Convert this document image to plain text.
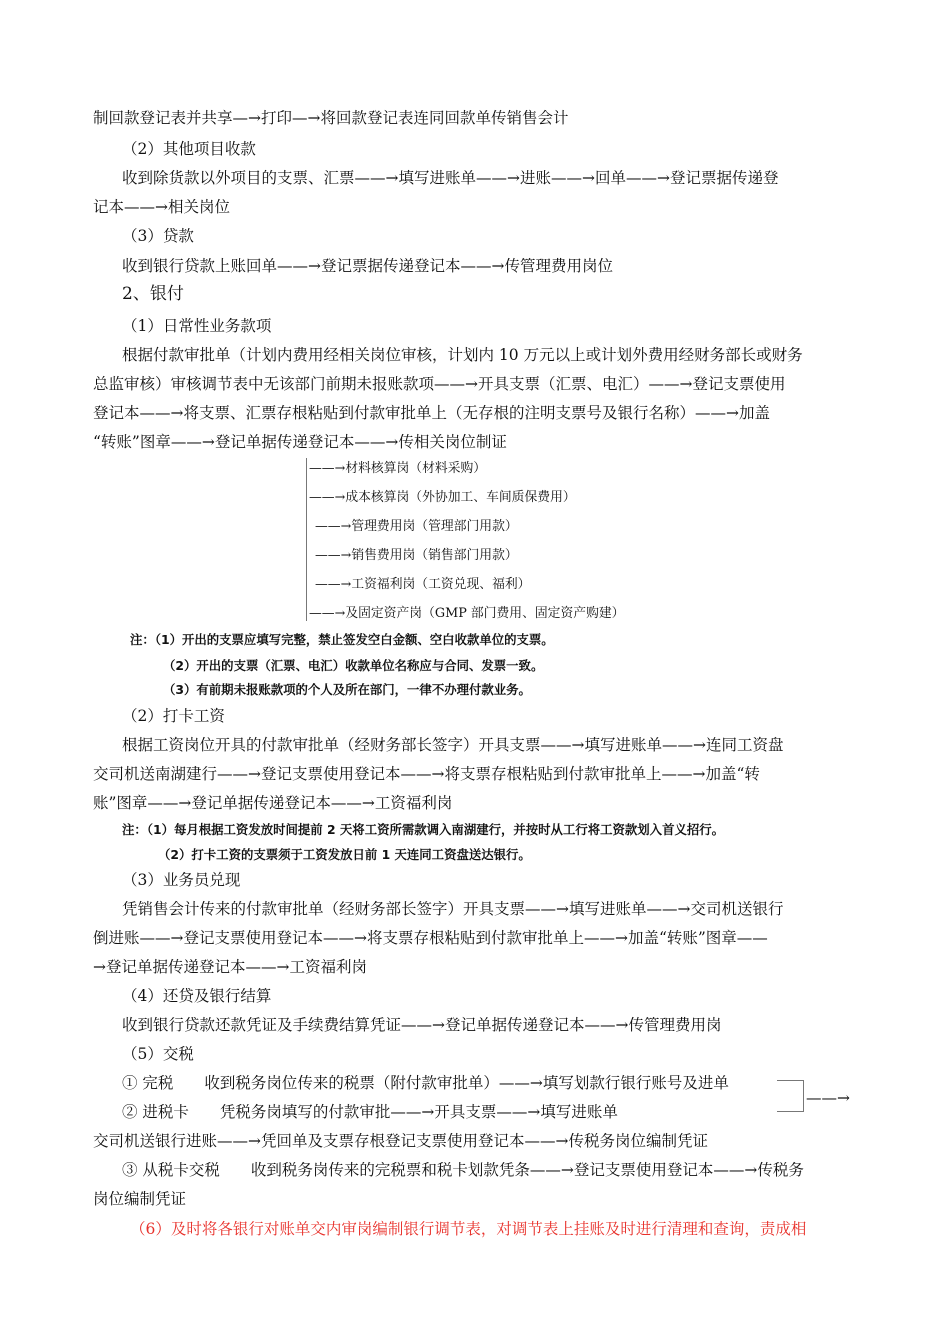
制回款登记表并共享—→打印—→将回款登记表连同回款单传销售会计
（2）其他项目收款
收到除货款以外项目的支票、汇票——→填写进账单——→进账——→回单——→登记票据传递登
记本——→相关岗位
（3）贷款
收到银行贷款上账回单——→登记票据传递登记本——→传管理费用岗位
2、银付
（1）日常性业务款项
根据付款审批单（计划内费用经相关岗位审核，计划内 10 万元以上或计划外费用经财务部长或财务
总监审核）审核调节表中无该部门前期未报账款项——→开具支票（汇票、电汇）——→登记支票使用
登记本——→将支票、汇票存根粘贴到付款审批单上（无存根的注明支票号及银行名称）——→加盖
“转账”图章——→登记单据传递登记本——→传相关岗位制证
——→材料核算岗（材料采购）
——→成本核算岗（外协加工、车间质保费用）
——→管理费用岗（管理部门用款）
——→销售费用岗（销售部门用款）
——→工资福利岗（工资兑现、福利）
——→及固定资产岗（GMP 部门费用、固定资产购建）
注：（1）开出的支票应填写完整，禁止签发空白金额、空白收款单位的支票。
（2）开出的支票（汇票、电汇）收款单位名称应与合同、发票一致。
（3）有前期未报账款项的个人及所在部门，一律不办理付款业务。
（2）打卡工资
根据工资岗位开具的付款审批单（经财务部长签字）开具支票——→填写进账单——→连同工资盘
交司机送南湖建行——→登记支票使用登记本——→将支票存根粘贴到付款审批单上——→加盖“转
账”图章——→登记单据传递登记本——→工资福利岗
注：（1）每月根据工资发放时间提前 2 天将工资所需款调入南湖建行，并按时从工行将工资款划入首义招行。
（2）打卡工资的支票须于工资发放日前 1 天连同工资盘送达银行。
（3）业务员兑现
凭销售会计传来的付款审批单（经财务部长签字）开具支票——→填写进账单——→交司机送银行
倒进账——→登记支票使用登记本——→将支票存根粘贴到付款审批单上——→加盖“转账”图章——
→登记单据传递登记本——→工资福利岗
（4）还贷及银行结算
收到银行贷款还款凭证及手续费结算凭证——→登记单据传递登记本——→传管理费用岗
（5）交税
① 完税　　收到税务岗位传来的税票（附付款审批单）——→填写划款行银行账号及进单
② 进税卡　　凭税务岗填写的付款审批——→开具支票——→填写进账单
——→
交司机送银行进账——→凭回单及支票存根登记支票使用登记本——→传税务岗位编制凭证
③ 从税卡交税　　收到税务岗传来的完税票和税卡划款凭条——→登记支票使用登记本——→传税务
岗位编制凭证
（6）及时将各银行对账单交内审岗编制银行调节表，对调节表上挂账及时进行清理和查询，责成相
